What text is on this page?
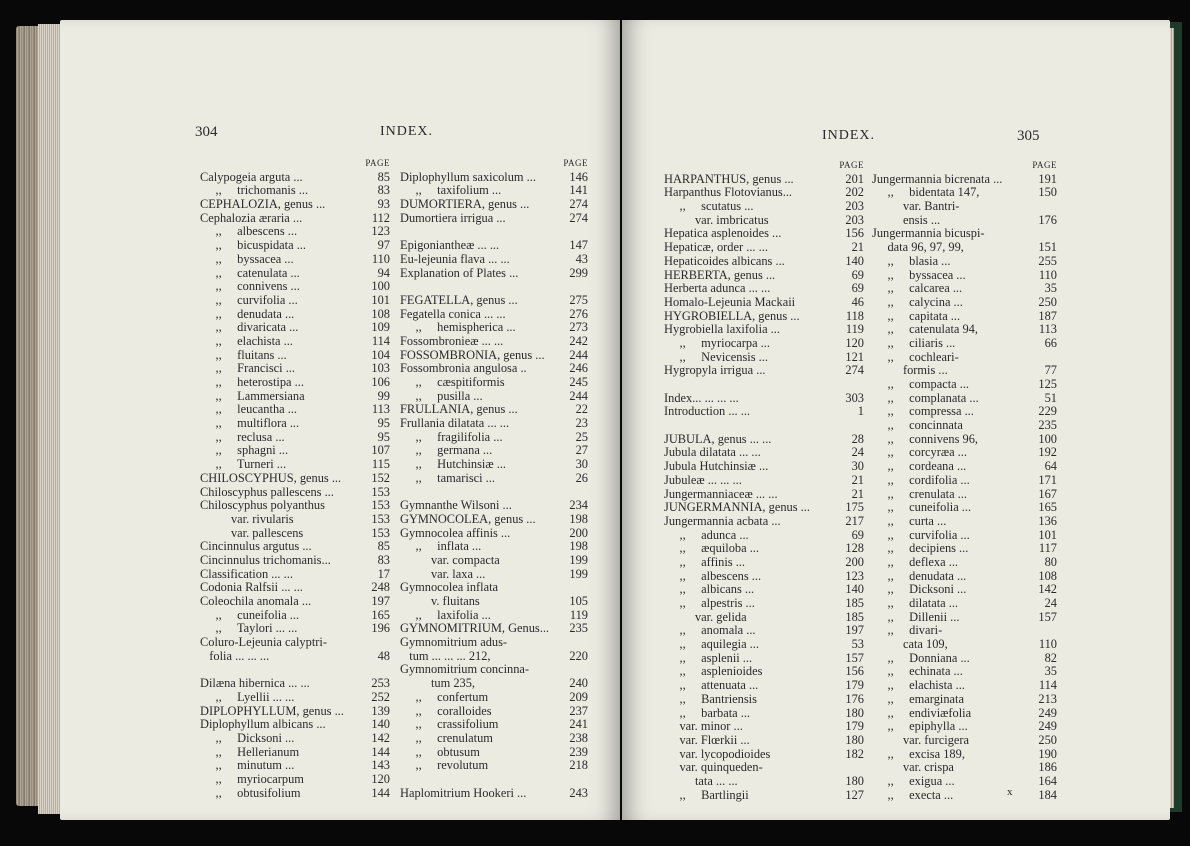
304	INDEX.
PAGE
Calypogeia arguta ...	85
,,     trichomanis ...	83
CEPHALOZIA, genus ...	93
Cephalozia æraria ...	112
,,     albescens ...	123
,,     bicuspidata ...	97
,,     byssacea ...	110
,,     catenulata ...	94
,,     connivens ...	100
,,     curvifolia ...	101
,,     denudata ...	108
,,     divaricata ...	109
,,     elachista ...	114
,,     fluitans ...	104
,,     Francisci ...	103
,,     heterostipa ...	106
,,     Lammersiana	99
,,     leucantha ...	113
,,     multiflora ...	95
,,     reclusa ...	95
,,     sphagni ...	107
,,     Turneri ...	115
CHILOSCYPHUS, genus ...	152
Chiloscyphus pallescens ...	153
Chiloscyphus polyanthus	153
var. rivularis	153
var. pallescens	153
Cincinnulus argutus ...	85
Cincinnulus trichomanis...	83
Classification ... ...	17
Codonia Ralfsii ... ...	248
Coleochila anomala ...	197
,,     cuneifolia ...	165
,,     Taylori ... ...	196
Coluro-Lejeunia calyptri-
folia ... ... ...	48
Dilæna hibernica ... ...	253
,,     Lyellii ... ...	252
DIPLOPHYLLUM, genus ...	139
Diplophyllum albicans ...	140
,,     Dicksoni ...	142
,,     Hellerianum	144
,,     minutum ...	143
,,     myriocarpum	120
,,     obtusifolium	144
PAGE
Diplophyllum saxicolum ...	146
,,     taxifolium ...	141
DUMORTIERA, genus ...	274
Dumortiera irrigua ...	274
Epigonianthеæ ... ...	147
Eu-lejeunia flava ... ...	43
Explanation of Plates ...	299
FEGATELLA, genus ...	275
Fegatella conica ... ...	276
,,     hemispherica ...	273
Fossombronieæ ... ...	242
FOSSOMBRONIA, genus ...	244
Fossombronia angulosa ..	246
,,     cæspitiformis	245
,,     pusilla ...	244
FRULLANIA, genus ...	22
Frullania dilatata ... ...	23
,,     fragilifolia ...	25
,,     germana ...	27
,,     Hutchinsiæ ...	30
,,     tamarisci ...	26
Gymnanthe Wilsoni ...	234
GYMNOCOLEA, genus ...	198
Gymnocolea affinis ...	200
,,     inflata ...	198
var. compacta	199
var. laxa ...	199
Gymnocolea inflata
v. fluitans	105
,,     laxifolia ...	119
GYMNOMITRIUM, Genus...	235
Gymnomitrium adus-
tum ... ... ... 212,	220
Gymnomitrium concinna-
tum 235,	240
,,     confertum	209
,,     coralloides	237
,,     crassifolium	241
,,     crenulatum	238
,,     obtusum	239
,,     revolutum	218
Haplomitrium Hookeri ...	243
INDEX.	305
PAGE
HARPANTHUS, genus ...	201
Harpanthus Flotovianus...	202
,,     scutatus ...	203
var. imbricatus	203
Hepatica asplenoides ...	156
Hepaticæ, order ... ...	21
Hepaticoides albicans ...	140
HERBERTA, genus ...	69
Herberta adunca ... ...	69
Homalo-Lejeunia Mackaii	46
HYGROBIELLA, genus ...	118
Hygrobiella laxifolia ...	119
,,     myriocarpa ...	120
,,     Nevicensis ...	121
Hygropyla irrigua ...	274
Index... ... ... ...	303
Introduction ... ...	1
JUBULA, genus ... ...	28
Jubula dilatata ... ...	24
Jubula Hutchinsiæ ...	30
Jubuleæ ... ... ...	21
Jungermanniaceæ ... ...	21
JUNGERMANNIA, genus ...	175
Jungermannia acbata ...	217
,,     adunca ...	69
,,     æquiloba ...	128
,,     affinis ...	200
,,     albescens ...	123
,,     albicans ...	140
,,     alpestris ...	185
var. gelida	185
,,     anomala ...	197
,,     aquilegia ...	53
,,     asplenii ...	157
,,     asplenioides	156
,,     attenuata ...	179
,,     Bantriensis	176
,,     barbata ...	180
var. minor ...	179
var. Flœrkii ...	180
var. lycopodioides	182
var. quinqueden-
tata ... ...	180
,,     Bartlingii	127
PAGE
Jungermannia bicrenata ...	191
,,     bidentata 147,	150
var. Bantri-
ensis ...	176
Jungermannia bicuspi-
data 96, 97, 99,	151
,,     blasia ...	255
,,     byssacea ...	110
,,     calcarea ...	35
,,     calycina ...	250
,,     capitata ...	187
,,     catenulata 94,	113
,,     ciliaris ...	66
,,     cochleari-
formis ...	77
,,     compacta ...	125
,,     complanata ...	51
,,     compressa ...	229
,,     concinnata	235
,,     connivens 96,	100
,,     corcyræa ...	192
,,     cordeana ...	64
,,     cordifolia ...	171
,,     crenulata ...	167
,,     cuneifolia ...	165
,,     curta ...	136
,,     curvifolia ...	101
,,     decipiens ...	117
,,     deflexa ...	80
,,     denudata ...	108
,,     Dicksoni ...	142
,,     dilatata ...	24
,,     Dillenii ...	157
,,     divari-
cata 109,	110
,,     Donniana ...	82
,,     echinata ...	35
,,     elachista ...	114
,,     emarginata	213
,,     endiviæfolia	249
,,     epiphylla ...	249
var. furcigera	250
,,     excisa 189,	190
var. crispa	186
,,     exigua ...	164
,,     execta ...	184
x
